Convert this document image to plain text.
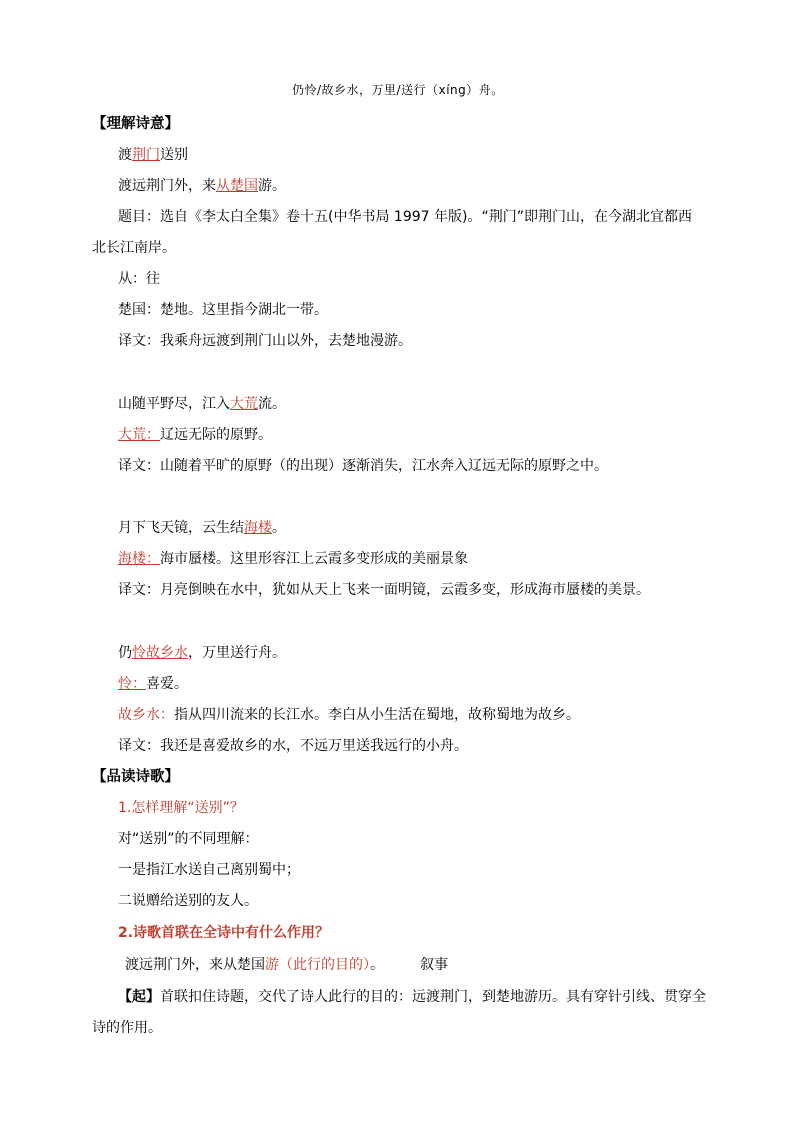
仍怜/故乡水，万里/送行（xíng）舟。
【理解诗意】
渡荆门送别
渡远荆门外，来从楚国游。
题目：选自《李太白全集》卷十五(中华书局 1997 年版)。“荆门”即荆门山，在今湖北宜都西
北长江南岸。
从：往
楚国：楚地。这里指今湖北一带。
译文：我乘舟远渡到荆门山以外，去楚地漫游。
山随平野尽，江入大荒流。
大荒：辽远无际的原野。
译文：山随着平旷的原野（的出现）逐渐消失，江水奔入辽远无际的原野之中。
月下飞天镜，云生结海楼。
海楼：海市蜃楼。这里形容江上云霞多变形成的美丽景象
译文：月亮倒映在水中，犹如从天上飞来一面明镜，云霞多变，形成海市蜃楼的美景。
仍怜故乡水，万里送行舟。
怜：喜爱。
故乡水：指从四川流来的长江水。李白从小生活在蜀地，故称蜀地为故乡。
译文：我还是喜爱故乡的水，不远万里送我远行的小舟。
【品读诗歌】
1.怎样理解“送别”？
对“送别”的不同理解：
一是指江水送自己离别蜀中；
二说赠给送别的友人。
2.诗歌首联在全诗中有什么作用？
渡远荆门外，来从楚国游（此行的目的）。	叙事
【起】首联扣住诗题，交代了诗人此行的目的：远渡荆门，到楚地游历。具有穿针引线、贯穿全
诗的作用。
